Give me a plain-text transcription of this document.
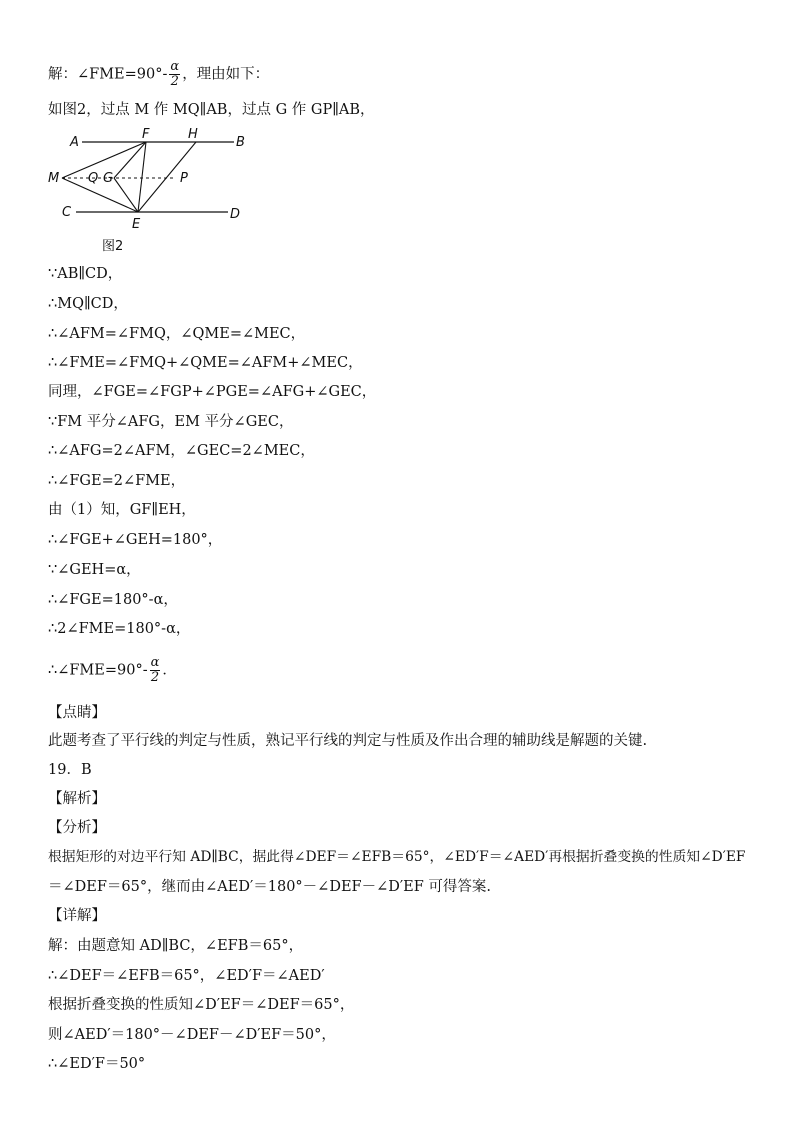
解：∠FME=90°- $\frac{\alpha}{2}$ ，理由如下：
如图2，过点 M 作 MQ∥AB，过点 G 作 GP∥AB，
A
F	H
B
M Q G	P
C
E
D
图2
∵AB∥CD，
∴MQ∥CD，
∴∠AFM=∠FMQ，∠QME=∠MEC，
∴∠FME=∠FMQ+∠QME=∠AFM+∠MEC，
同理，∠FGE=∠FGP+∠PGE=∠AFG+∠GEC，
∵FM 平分∠AFG，EM 平分∠GEC，
∴∠AFG=2∠AFM，∠GEC=2∠MEC，
∴∠FGE=2∠FME，
由（1）知，GF∥EH，
∴∠FGE+∠GEH=180°，
∵∠GEH=α，
∴∠FGE=180°-α，
∴2∠FME=180°-α，
∴∠FME=90°- $\frac{\alpha}{2}$ ．
【点睛】
此题考查了平行线的判定与性质，熟记平行线的判定与性质及作出合理的辅助线是解题的关键.
19．B
【解析】
【分析】
根据矩形的对边平行知 AD∥BC，据此得∠DEF＝∠EFB＝65°，∠ED′F＝∠AED′再根据折叠变换的性质知∠D′EF
＝∠DEF＝65°，继而由∠AED′＝180°－∠DEF－∠D′EF 可得答案.
【详解】
解：由题意知 AD∥BC，∠EFB＝65°，
∴∠DEF＝∠EFB＝65°，∠ED′F＝∠AED′
根据折叠变换的性质知∠D′EF＝∠DEF＝65°，
则∠AED′＝180°－∠DEF－∠D′EF＝50°，
∴∠ED′F＝50°
